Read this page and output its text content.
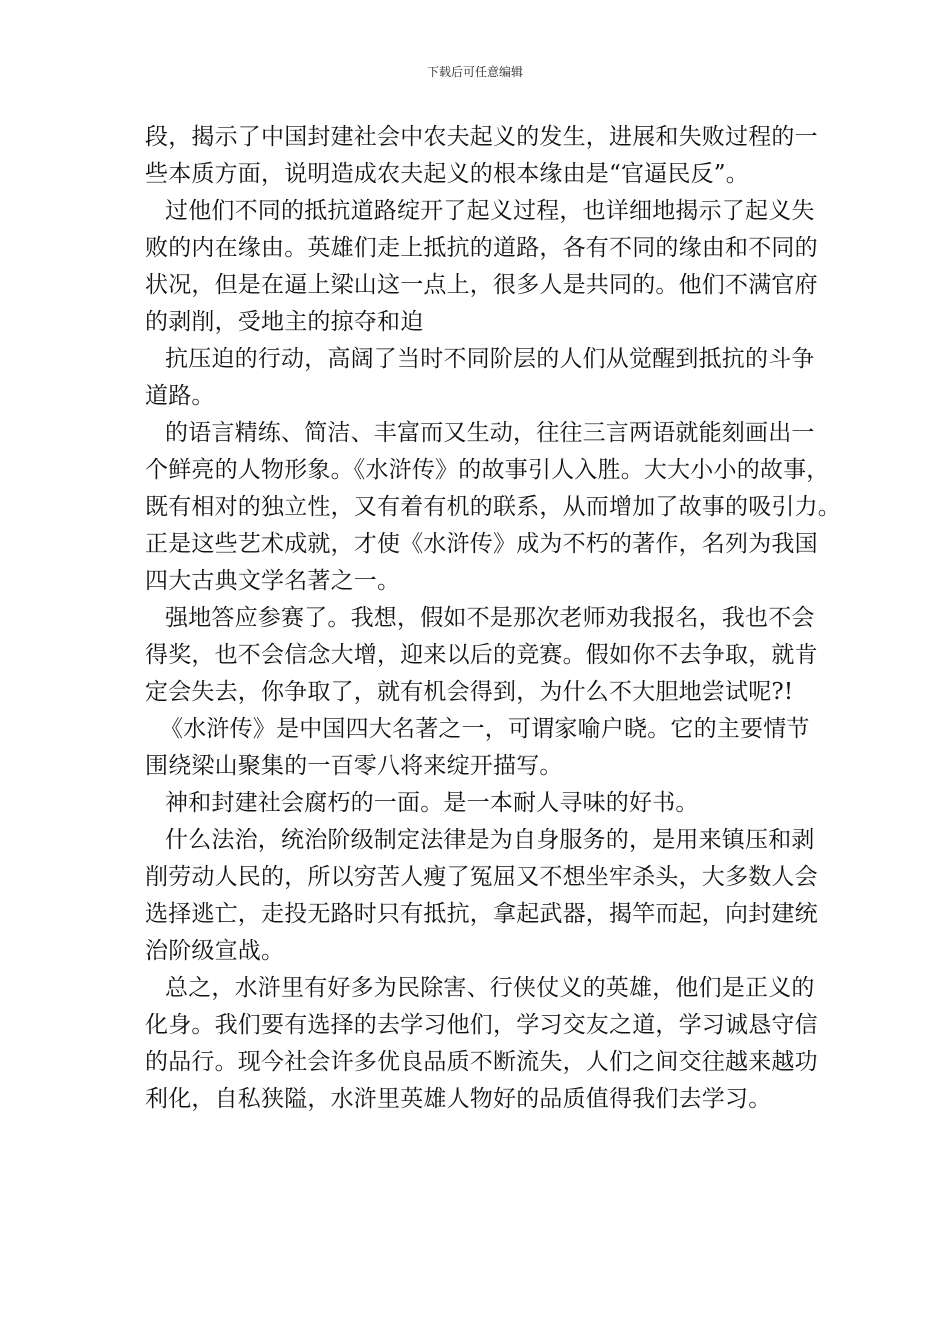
下载后可任意编辑
段，揭示了中国封建社会中农夫起义的发生，进展和失败过程的一
些本质方面，说明造成农夫起义的根本缘由是“官逼民反”。
过他们不同的抵抗道路绽开了起义过程，也详细地揭示了起义失
败的内在缘由。英雄们走上抵抗的道路，各有不同的缘由和不同的
状况，但是在逼上梁山这一点上，很多人是共同的。他们不满官府
的剥削，受地主的掠夺和迫
抗压迫的行动，高阔了当时不同阶层的人们从觉醒到抵抗的斗争
道路。
的语言精练、简洁、丰富而又生动，往往三言两语就能刻画出一
个鲜亮的人物形象。《水浒传》的故事引人入胜。大大小小的故事，
既有相对的独立性，又有着有机的联系，从而增加了故事的吸引力。
正是这些艺术成就，才使《水浒传》成为不朽的著作，名列为我国
四大古典文学名著之一。
强地答应参赛了。我想，假如不是那次老师劝我报名，我也不会
得奖，也不会信念大增，迎来以后的竞赛。假如你不去争取，就肯
定会失去，你争取了，就有机会得到，为什么不大胆地尝试呢?!
《水浒传》是中国四大名著之一，可谓家喻户晓。它的主要情节
围绕梁山聚集的一百零八将来绽开描写。
神和封建社会腐朽的一面。是一本耐人寻味的好书。
什么法治，统治阶级制定法律是为自身服务的，是用来镇压和剥
削劳动人民的，所以穷苦人瘦了冤屈又不想坐牢杀头，大多数人会
选择逃亡，走投无路时只有抵抗，拿起武器，揭竿而起，向封建统
治阶级宣战。
总之，水浒里有好多为民除害、行侠仗义的英雄，他们是正义的
化身。我们要有选择的去学习他们，学习交友之道，学习诚恳守信
的品行。现今社会许多优良品质不断流失，人们之间交往越来越功
利化，自私狭隘，水浒里英雄人物好的品质值得我们去学习。
